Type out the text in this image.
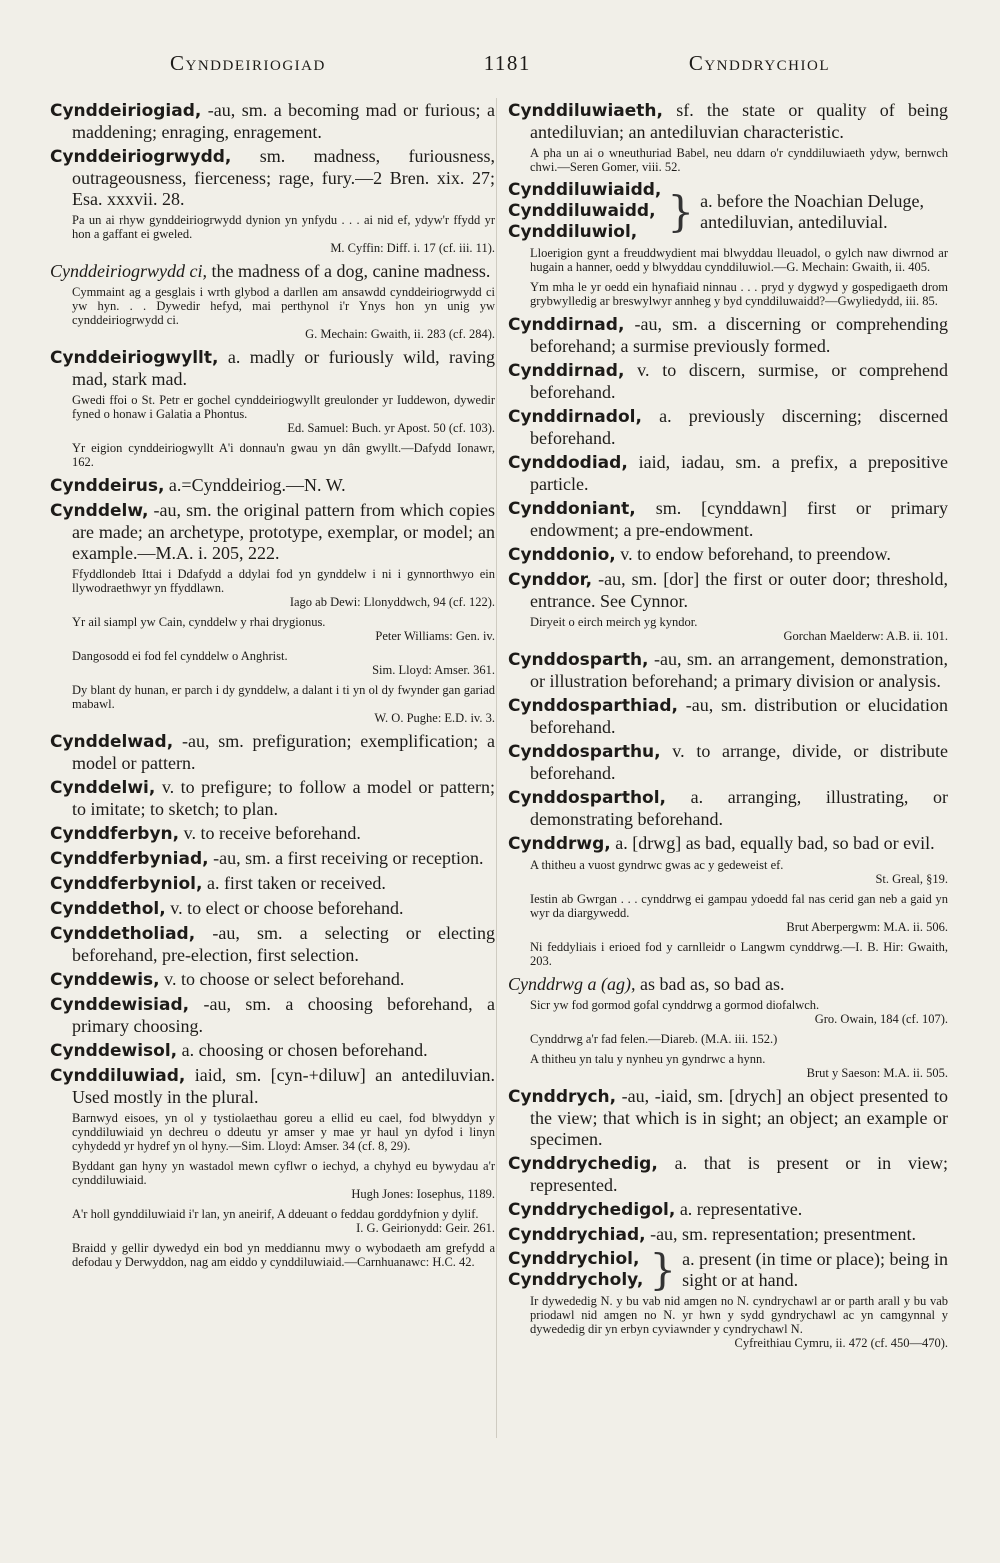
Cynddeiriogiad	1181	Cynddrychiol
Cynddeiriogiad, -au, sm. a becoming mad or furious; a maddening; enraging, enragement.
Cynddeiriogrwydd, sm. madness, furiousness, outrageousness, fierceness; rage, fury.—2 Bren. xix. 27; Esa. xxxvii. 28.
Pa un ai rhyw gynddeiriogrwydd dynion yn ynfydu . . . ai nid ef, ydyw'r ffydd yr hon a gaffant ei gweled.
M. Cyffin: Diff. i. 17 (cf. iii. 11).
Cynddeiriogrwydd ci, the madness of a dog, canine madness.
Cymmaint ag a gesglais i wrth glybod a darllen am ansawdd cynddeiriogrwydd ci yw hyn. . . Dywedir hefyd, mai perthynol i'r Ynys hon yn unig yw cynddeiriogrwydd ci.
G. Mechain: Gwaith, ii. 283 (cf. 284).
Cynddeiriogwyllt, a. madly or furiously wild, raving mad, stark mad.
Gwedi ffoi o St. Petr er gochel cynddeiriogwyllt greulonder yr Iuddewon, dywedir fyned o honaw i Galatia a Phontus.
Ed. Samuel: Buch. yr Apost. 50 (cf. 103).
Yr eigion cynddeiriogwyllt A'i donnau'n gwau yn dân gwyllt.—Dafydd Ionawr, 162.
Cynddeirus, a.=Cynddeiriog.—N. W.
Cynddelw, -au, sm. the original pattern from which copies are made; an archetype, prototype, exemplar, or model; an example.—M.A. i. 205, 222.
Ffyddlondeb Ittai i Ddafydd a ddylai fod yn gynddelw i ni i gynnorthwyo ein llywodraethwyr yn ffyddlawn.
Iago ab Dewi: Llonyddwch, 94 (cf. 122).
Yr ail siampl yw Cain, cynddelw y rhai drygionus.
Peter Williams: Gen. iv.
Dangosodd ei fod fel cynddelw o Anghrist.
Sim. Lloyd: Amser. 361.
Dy blant dy hunan, er parch i dy gynddelw, a dalant i ti yn ol dy fwynder gan gariad mabawl.
W. O. Pughe: E.D. iv. 3.
Cynddelwad, -au, sm. prefiguration; exemplification; a model or pattern.
Cynddelwi, v. to prefigure; to follow a model or pattern; to imitate; to sketch; to plan.
Cynddferbyn, v. to receive beforehand.
Cynddferbyniad, -au, sm. a first receiving or reception.
Cynddferbyniol, a. first taken or received.
Cynddethol, v. to elect or choose beforehand.
Cynddetholiad, -au, sm. a selecting or electing beforehand, pre-election, first selection.
Cynddewis, v. to choose or select beforehand.
Cynddewisiad, -au, sm. a choosing beforehand, a primary choosing.
Cynddewisol, a. choosing or chosen beforehand.
Cynddiluwiad, iaid, sm. [cyn-+diluw] an antediluvian. Used mostly in the plural.
Barnwyd eisoes, yn ol y tystiolaethau goreu a ellid eu cael, fod blwyddyn y cynddiluwiaid yn dechreu o ddeutu yr amser y mae yr haul yn dyfod i linyn cyhydedd yr hydref yn ol hyny.—Sim. Lloyd: Amser. 34 (cf. 8, 29).
Byddant gan hyny yn wastadol mewn cyflwr o iechyd, a chyhyd eu bywydau a'r cynddiluwiaid.
Hugh Jones: Iosephus, 1189.
A'r holl gynddiluwiaid i'r lan, yn aneirif, A ddeuant o feddau gorddyfnion y dylif.
I. G. Geirionydd: Geir. 261.
Braidd y gellir dywedyd ein bod yn meddiannu mwy o wybodaeth am grefydd a defodau y Derwyddon, nag am eiddo y cynddiluwiaid.—Carnhuanawc: H.C. 42.
Cynddiluwiaeth, sf. the state or quality of being antediluvian; an antediluvian characteristic.
A pha un ai o wneuthuriad Babel, neu ddarn o'r cynddiluwiaeth ydyw, bernwch chwi.—Seren Gomer, viii. 52.
Cynddiluwiaidd,
Cynddiluwaidd,
Cynddiluwiol, } a. before the Noachian Deluge, antediluvian, antediluvial.
Lloerigion gynt a freuddwydient mai blwyddau lleuadol, o gylch naw diwrnod ar hugain a hanner, oedd y blwyddau cynddiluwiol.—G. Mechain: Gwaith, ii. 405.
Ym mha le yr oedd ein hynafiaid ninnau . . . pryd y dygwyd y gospedigaeth drom grybwylledig ar breswylwyr annheg y byd cynddiluwaidd?—Gwyliedydd, iii. 85.
Cynddirnad, -au, sm. a discerning or comprehending beforehand; a surmise previously formed.
Cynddirnad, v. to discern, surmise, or comprehend beforehand.
Cynddirnadol, a. previously discerning; discerned beforehand.
Cynddodiad, iaid, iadau, sm. a prefix, a prepositive particle.
Cynddoniant, sm. [cynddawn] first or primary endowment; a pre-endowment.
Cynddonio, v. to endow beforehand, to preendow.
Cynddor, -au, sm. [dor] the first or outer door; threshold, entrance. See Cynnor.
Diryeit o eirch meirch yg kyndor.
Gorchan Maelderw: A.B. ii. 101.
Cynddosparth, -au, sm. an arrangement, demonstration, or illustration beforehand; a primary division or analysis.
Cynddosparthiad, -au, sm. distribution or elucidation beforehand.
Cynddosparthu, v. to arrange, divide, or distribute beforehand.
Cynddosparthol, a. arranging, illustrating, or demonstrating beforehand.
Cynddrwg, a. [drwg] as bad, equally bad, so bad or evil.
A thitheu a vuost gyndrwc gwas ac y gedeweist ef.
St. Greal, §19.
Iestin ab Gwrgan . . . cynddrwg ei gampau ydoedd fal nas cerid gan neb a gaid yn wyr da diargywedd.
Brut Aberpergwm: M.A. ii. 506.
Ni feddyliais i erioed fod y carnlleidr o Langwm cynddrwg.—I. B. Hir: Gwaith, 203.
Cynddrwg a (ag), as bad as, so bad as.
Sicr yw fod gormod gofal cynddrwg a gormod diofalwch.
Gro. Owain, 184 (cf. 107).
Cynddrwg a'r fad felen.—Diareb. (M.A. iii. 152.)
A thitheu yn talu y nynheu yn gyndrwc a hynn.
Brut y Saeson: M.A. ii. 505.
Cynddrych, -au, -iaid, sm. [drych] an object presented to the view; that which is in sight; an object; an example or specimen.
Cynddrychedig, a. that is present or in view; represented.
Cynddrychedigol, a. representative.
Cynddrychiad, -au, sm. representation; presentment.
Cynddrychiol,
Cynddrycholy, } a. present (in time or place); being in sight or at hand.
Ir dywededig N. y bu vab nid amgen no N. cyndrychawl ar or parth arall y bu vab priodawl nid amgen no N. yr hwn y sydd gyndrychawl ac yn camgynnal y dywededig dir yn erbyn cyviawnder y cyndrychawl N.
Cyfreithiau Cymru, ii. 472 (cf. 450—470).
